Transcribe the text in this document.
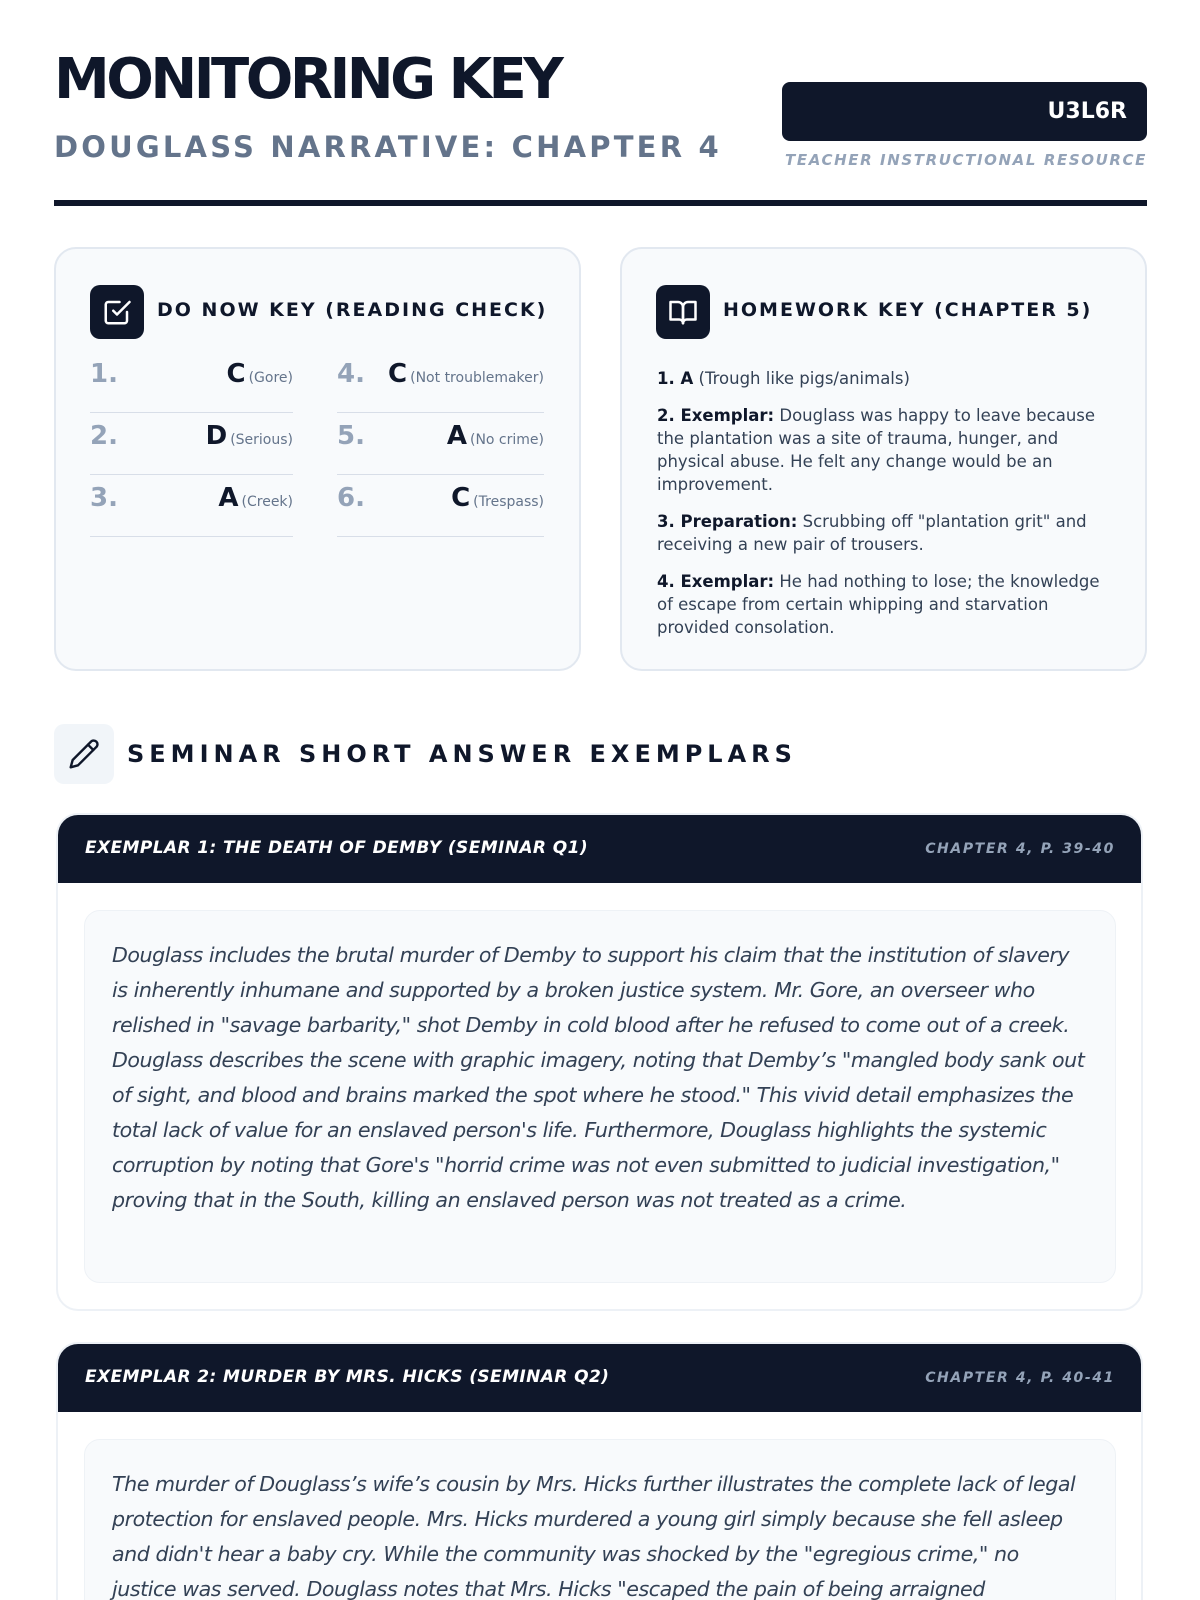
MONITORING KEY
DOUGLASS NARRATIVE: CHAPTER 4
U3L6R
TEACHER INSTRUCTIONAL RESOURCE
DO NOW KEY (READING CHECK)
1.	C (Gore)
2.	D (Serious)
3.	A (Creek)
4. C (Not troublemaker)
5.	A (No crime)
6.	C (Trespass)
HOMEWORK KEY (CHAPTER 5)
1. A (Trough like pigs/animals)
2. Exemplar: Douglass was happy to leave because the plantation was a site of trauma, hunger, and physical abuse. He felt any change would be an improvement.
3. Preparation: Scrubbing off "plantation grit" and receiving a new pair of trousers.
4. Exemplar: He had nothing to lose; the knowledge of escape from certain whipping and starvation provided consolation.
SEMINAR SHORT ANSWER EXEMPLARS
EXEMPLAR 1: THE DEATH OF DEMBY (SEMINAR Q1)	CHAPTER 4, P. 39-40
Douglass includes the brutal murder of Demby to support his claim that the institution of slavery is inherently inhumane and supported by a broken justice system. Mr. Gore, an overseer who relished in "savage barbarity," shot Demby in cold blood after he refused to come out of a creek. Douglass describes the scene with graphic imagery, noting that Demby’s "mangled body sank out of sight, and blood and brains marked the spot where he stood." This vivid detail emphasizes the total lack of value for an enslaved person's life. Furthermore, Douglass highlights the systemic corruption by noting that Gore's "horrid crime was not even submitted to judicial investigation," proving that in the South, killing an enslaved person was not treated as a crime.
EXEMPLAR 2: MURDER BY MRS. HICKS (SEMINAR Q2)	CHAPTER 4, P. 40-41
The murder of Douglass’s wife’s cousin by Mrs. Hicks further illustrates the complete lack of legal protection for enslaved people. Mrs. Hicks murdered a young girl simply because she fell asleep and didn't hear a baby cry. While the community was shocked by the "egregious crime," no justice was served. Douglass notes that Mrs. Hicks "escaped the pain of being arraigned
